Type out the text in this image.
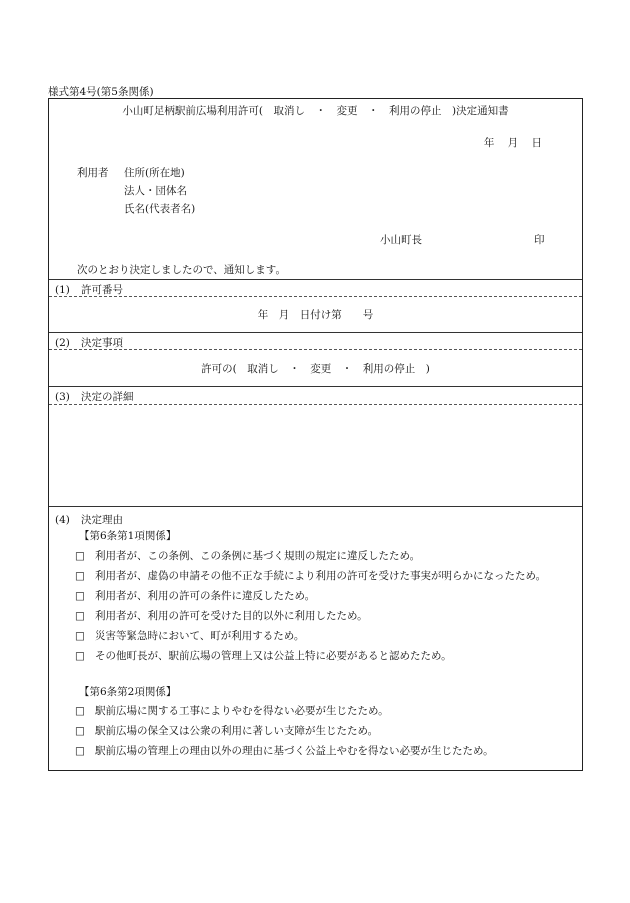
様式第4号(第5条関係)
小山町足柄駅前広場利用許可(　取消し　・　変更　・　利用の停止　)決定通知書
年 月 日
利用者 住所(所在地)
法人・団体名
氏名(代表者名)
小山町長	印
次のとおり決定しましたので、通知します。
(1) 許可番号
年　月　日付け第　　号
(2) 決定事項
許可の(　取消し　・　変更　・　利用の停止　)
(3) 決定の詳細
(4) 決定理由
【第6条第1項関係】
□ 利用者が、この条例、この条例に基づく規則の規定に違反したため。
□ 利用者が、虚偽の申請その他不正な手続により利用の許可を受けた事実が明らかになったため。
□ 利用者が、利用の許可の条件に違反したため。
□ 利用者が、利用の許可を受けた目的以外に利用したため。
□ 災害等緊急時において、町が利用するため。
□ その他町長が、駅前広場の管理上又は公益上特に必要があると認めたため。
【第6条第2項関係】
□ 駅前広場に関する工事によりやむを得ない必要が生じたため。
□ 駅前広場の保全又は公衆の利用に著しい支障が生じたため。
□ 駅前広場の管理上の理由以外の理由に基づく公益上やむを得ない必要が生じたため。
